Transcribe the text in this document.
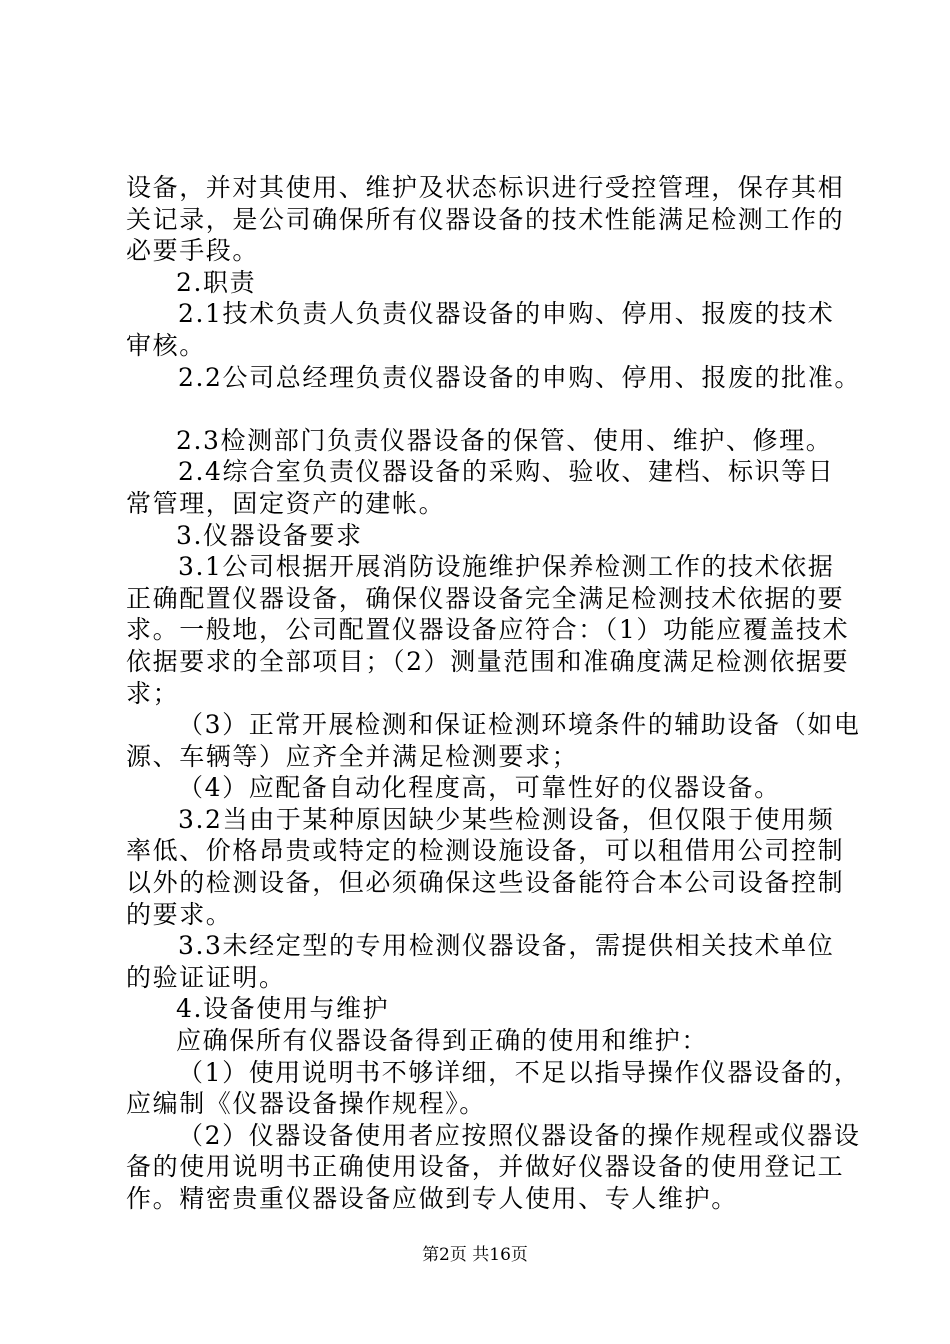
设备，并对其使用、维护及状态标识进行受控管理，保存其相
关记录，是公司确保所有仪器设备的技术性能满足检测工作的
必要手段。
2.职责
2.1技术负责人负责仪器设备的申购、停用、报废的技术
审核。
2.2公司总经理负责仪器设备的申购、停用、报废的批准。
2.3检测部门负责仪器设备的保管、使用、维护、修理。
2.4综合室负责仪器设备的采购、验收、建档、标识等日
常管理，固定资产的建帐。
3.仪器设备要求
3.1公司根据开展消防设施维护保养检测工作的技术依据
正确配置仪器设备，确保仪器设备完全满足检测技术依据的要
求。一般地，公司配置仪器设备应符合：（1）功能应覆盖技术
依据要求的全部项目；（2）测量范围和准确度满足检测依据要
求；
（3）正常开展检测和保证检测环境条件的辅助设备（如电
源、车辆等）应齐全并满足检测要求；
（4）应配备自动化程度高，可靠性好的仪器设备。
3.2当由于某种原因缺少某些检测设备，但仅限于使用频
率低、价格昂贵或特定的检测设施设备，可以租借用公司控制
以外的检测设备，但必须确保这些设备能符合本公司设备控制
的要求。
3.3未经定型的专用检测仪器设备，需提供相关技术单位
的验证证明。
4.设备使用与维护
应确保所有仪器设备得到正确的使用和维护：
（1）使用说明书不够详细，不足以指导操作仪器设备的，
应编制《仪器设备操作规程》。
（2）仪器设备使用者应按照仪器设备的操作规程或仪器设
备的使用说明书正确使用设备，并做好仪器设备的使用登记工
作。精密贵重仪器设备应做到专人使用、专人维护。
第2页 共16页
